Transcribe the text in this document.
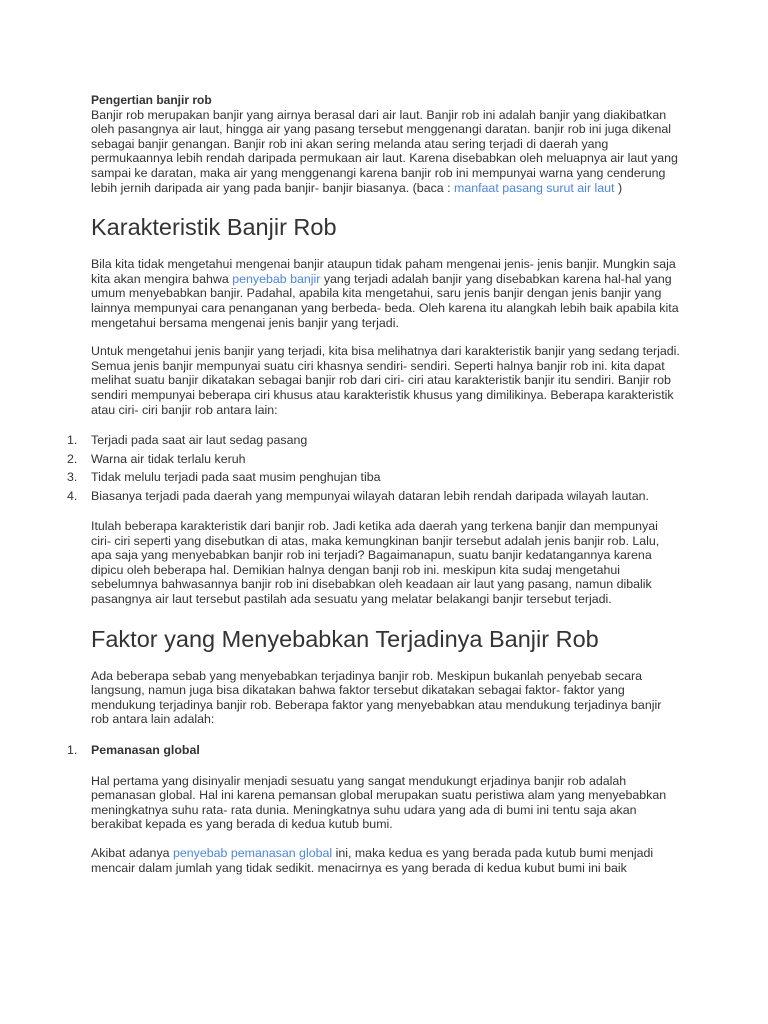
Pengertian banjir rob
Banjir rob merupakan banjir yang airnya berasal dari air laut. Banjir rob ini adalah banjir yang diakibatkan oleh pasangnya air laut, hingga air yang pasang tersebut menggenangi daratan. banjir rob ini juga dikenal sebagai banjir genangan. Banjir rob ini akan sering melanda atau sering terjadi di daerah yang permukaannya lebih rendah daripada permukaan air laut. Karena disebabkan oleh meluapnya air laut yang sampai ke daratan, maka air yang menggenangi karena banjir rob ini mempunyai warna yang cenderung lebih jernih daripada air yang pada banjir- banjir biasanya. (baca : manfaat pasang surut air laut )

Karakteristik Banjir Rob

Bila kita tidak mengetahui mengenai banjir ataupun tidak paham mengenai jenis- jenis banjir. Mungkin saja kita akan mengira bahwa penyebab banjir yang terjadi adalah banjir yang disebabkan karena hal-hal yang umum menyebabkan banjir. Padahal, apabila kita mengetahui, saru jenis banjir dengan jenis banjir yang lainnya mempunyai cara penanganan yang berbeda- beda. Oleh karena itu alangkah lebih baik apabila kita mengetahui bersama mengenai jenis banjir yang terjadi.

Untuk mengetahui jenis banjir yang terjadi, kita bisa melihatnya dari karakteristik banjir yang sedang terjadi. Semua jenis banjir mempunyai suatu ciri khasnya sendiri- sendiri. Seperti halnya banjir rob ini. kita dapat melihat suatu banjir dikatakan sebagai banjir rob dari ciri- ciri atau karakteristik banjir itu sendiri. Banjir rob sendiri mempunyai beberapa ciri khusus atau karakteristik khusus yang dimilikinya. Beberapa karakteristik atau ciri- ciri banjir rob antara lain:

1.	Terjadi pada saat air laut sedag pasang
2.	Warna air tidak terlalu keruh
3.	Tidak melulu terjadi pada saat musim penghujan tiba
4.	Biasanya terjadi pada daerah yang mempunyai wilayah dataran lebih rendah daripada wilayah lautan.

Itulah beberapa karakteristik dari banjir rob. Jadi ketika ada daerah yang terkena banjir dan mempunyai ciri- ciri seperti yang disebutkan di atas, maka kemungkinan banjir tersebut adalah jenis banjir rob. Lalu, apa saja yang menyebabkan banjir rob ini terjadi? Bagaimanapun, suatu banjir kedatangannya karena dipicu oleh beberapa hal. Demikian halnya dengan banji rob ini. meskipun kita sudaj mengetahui sebelumnya bahwasannya banjir rob ini disebabkan oleh keadaan air laut yang pasang, namun dibalik pasangnya air laut tersebut pastilah ada sesuatu yang melatar belakangi banjir tersebut terjadi.

Faktor yang Menyebabkan Terjadinya Banjir Rob

Ada beberapa sebab yang menyebabkan terjadinya banjir rob. Meskipun bukanlah penyebab secara langsung, namun juga bisa dikatakan bahwa faktor tersebut dikatakan sebagai faktor- faktor yang mendukung terjadinya banjir rob. Beberapa faktor yang menyebabkan atau mendukung terjadinya banjir rob antara lain adalah:

1.	Pemanasan global

Hal pertama yang disinyalir menjadi sesuatu yang sangat mendukungt erjadinya banjir rob adalah pemanasan global. Hal ini karena pemansan global merupakan suatu peristiwa alam yang menyebabkan meningkatnya suhu rata- rata dunia. Meningkatnya suhu udara yang ada di bumi ini tentu saja akan berakibat kepada es yang berada di kedua kutub bumi.

Akibat adanya penyebab pemanasan global ini, maka kedua es yang berada pada kutub bumi menjadi mencair dalam jumlah yang tidak sedikit. menacirnya es yang berada di kedua kubut bumi ini baik
